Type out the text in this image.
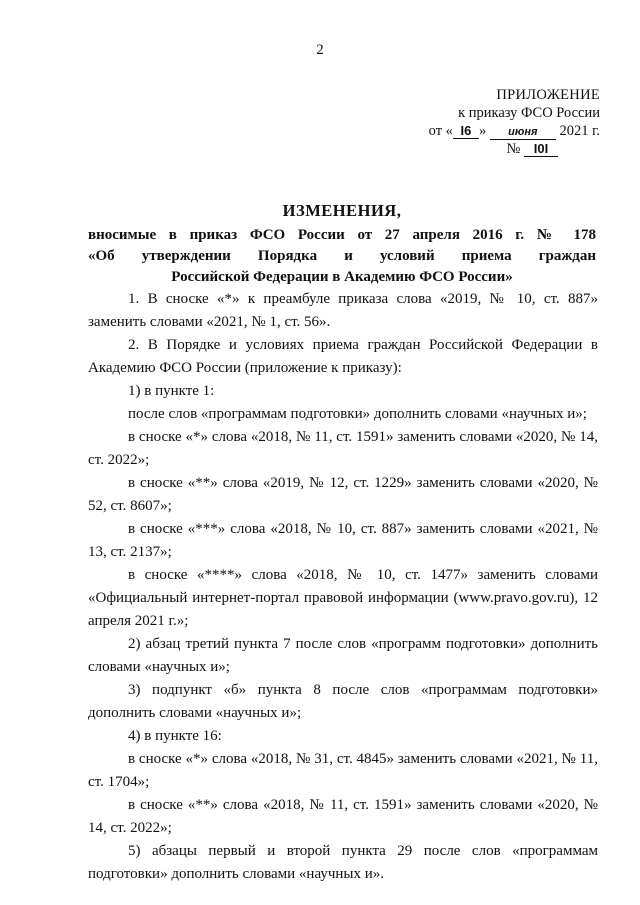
2
ПРИЛОЖЕНИЕ
к приказу ФСО России
от « I6 » июня 2021 г.
№ I0I
ИЗМЕНЕНИЯ,
вносимые в приказ ФСО России от 27 апреля 2016 г. № 178
«Об утверждении Порядка и условий приема граждан
Российской Федерации в Академию ФСО России»

1. В сноске «*» к преамбуле приказа слова «2019, № 10, ст. 887» заменить словами «2021, № 1, ст. 56».

2. В Порядке и условиях приема граждан Российской Федерации в Академию ФСО России (приложение к приказу):

1) в пункте 1:

после слов «программам подготовки» дополнить словами «научных и»;

в сноске «*» слова «2018, № 11, ст. 1591» заменить словами «2020, № 14, ст. 2022»;

в сноске «**» слова «2019, № 12, ст. 1229» заменить словами «2020, № 52, ст. 8607»;

в сноске «***» слова «2018, № 10, ст. 887» заменить словами «2021, № 13, ст. 2137»;

в сноске «****» слова «2018, № 10, ст. 1477» заменить словами «Официальный интернет-портал правовой информации (www.pravo.gov.ru), 12 апреля 2021 г.»;

2) абзац третий пункта 7 после слов «программ подготовки» дополнить словами «научных и»;

3) подпункт «б» пункта 8 после слов «программам подготовки» дополнить словами «научных и»;

4) в пункте 16:

в сноске «*» слова «2018, № 31, ст. 4845» заменить словами «2021, № 11, ст. 1704»;

в сноске «**» слова «2018, № 11, ст. 1591» заменить словами «2020, № 14, ст. 2022»;

5) абзацы первый и второй пункта 29 после слов «программам подготовки» дополнить словами «научных и».
